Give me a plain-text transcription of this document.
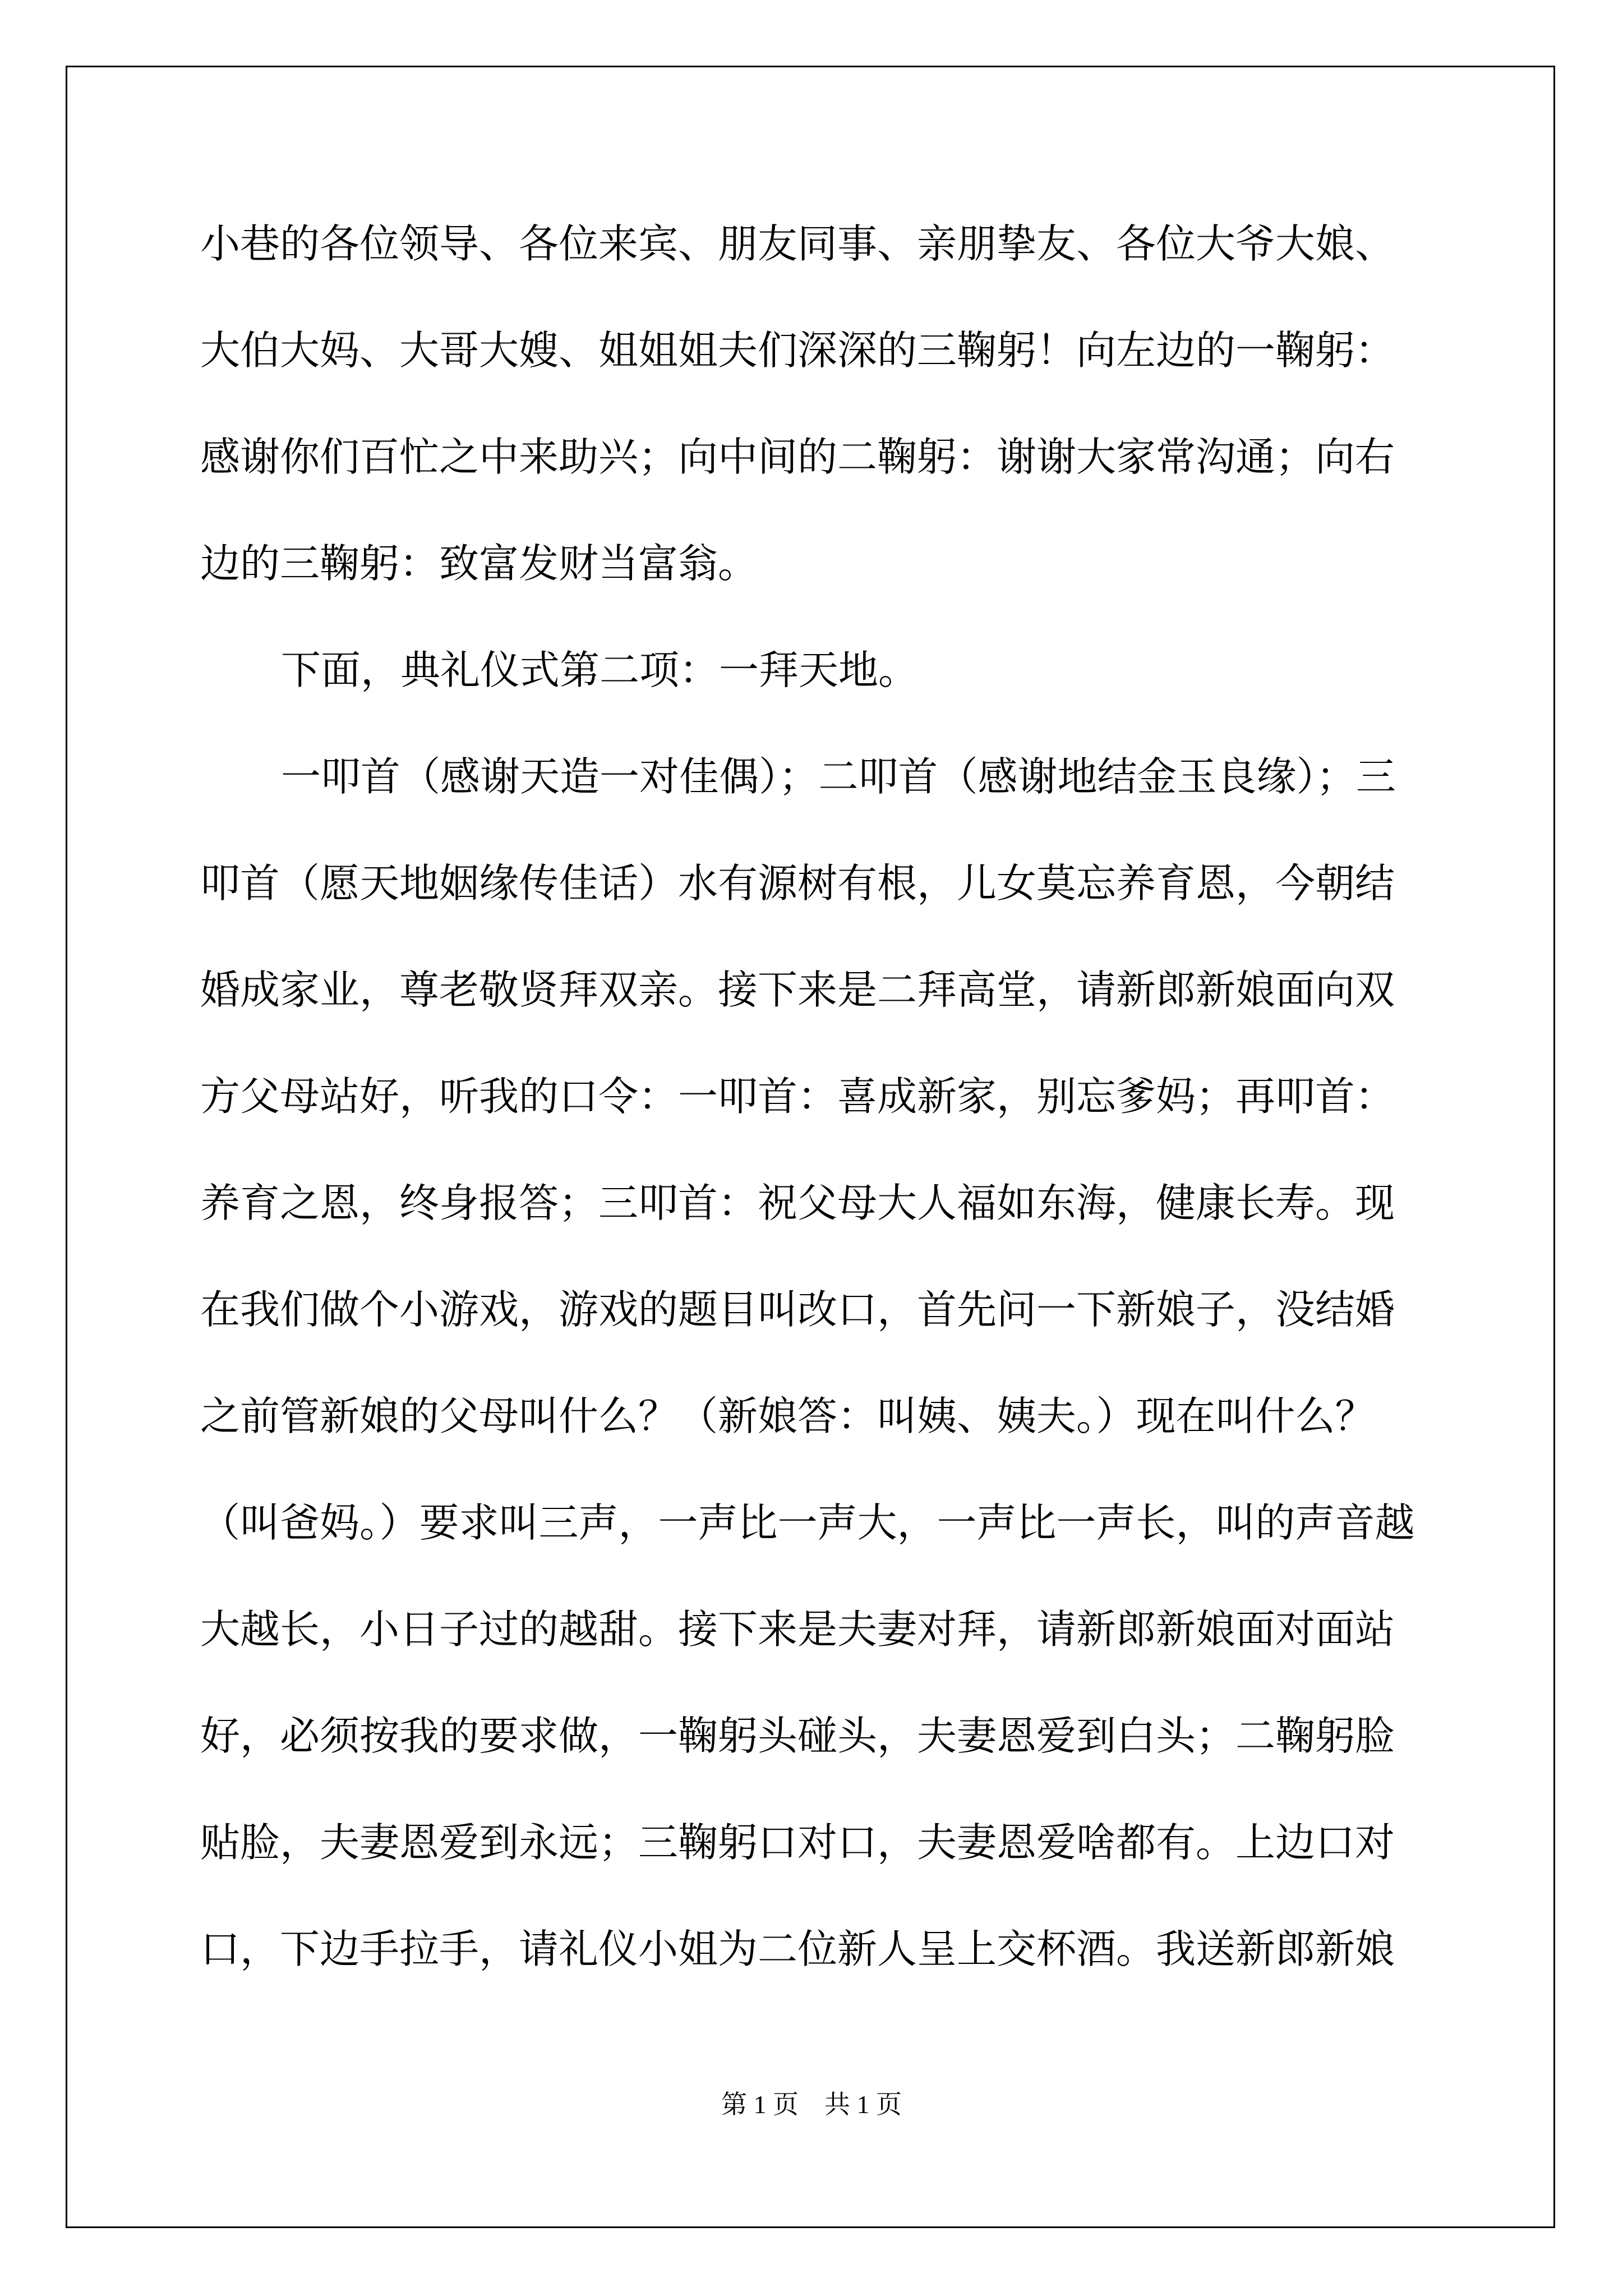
小巷的各位领导、各位来宾、朋友同事、亲朋挚友、各位大爷大娘、
大伯大妈、大哥大嫂、姐姐姐夫们深深的三鞠躬！向左边的一鞠躬：
感谢你们百忙之中来助兴；向中间的二鞠躬：谢谢大家常沟通；向右
边的三鞠躬：致富发财当富翁。
下面，典礼仪式第二项：一拜天地。
一叩首（感谢天造一对佳偶）；二叩首（感谢地结金玉良缘）；三
叩首（愿天地姻缘传佳话）水有源树有根，儿女莫忘养育恩，今朝结
婚成家业，尊老敬贤拜双亲。接下来是二拜高堂，请新郎新娘面向双
方父母站好，听我的口令：一叩首：喜成新家，别忘爹妈；再叩首：
养育之恩，终身报答；三叩首：祝父母大人福如东海，健康长寿。现
在我们做个小游戏，游戏的题目叫改口，首先问一下新娘子，没结婚
之前管新娘的父母叫什么？（新娘答：叫姨、姨夫。）现在叫什么？
（叫爸妈。）要求叫三声，一声比一声大，一声比一声长，叫的声音越
大越长，小日子过的越甜。接下来是夫妻对拜，请新郎新娘面对面站
好，必须按我的要求做，一鞠躬头碰头，夫妻恩爱到白头；二鞠躬脸
贴脸，夫妻恩爱到永远；三鞠躬口对口，夫妻恩爱啥都有。上边口对
口，下边手拉手，请礼仪小姐为二位新人呈上交杯酒。我送新郎新娘
第 1 页　共 1 页
